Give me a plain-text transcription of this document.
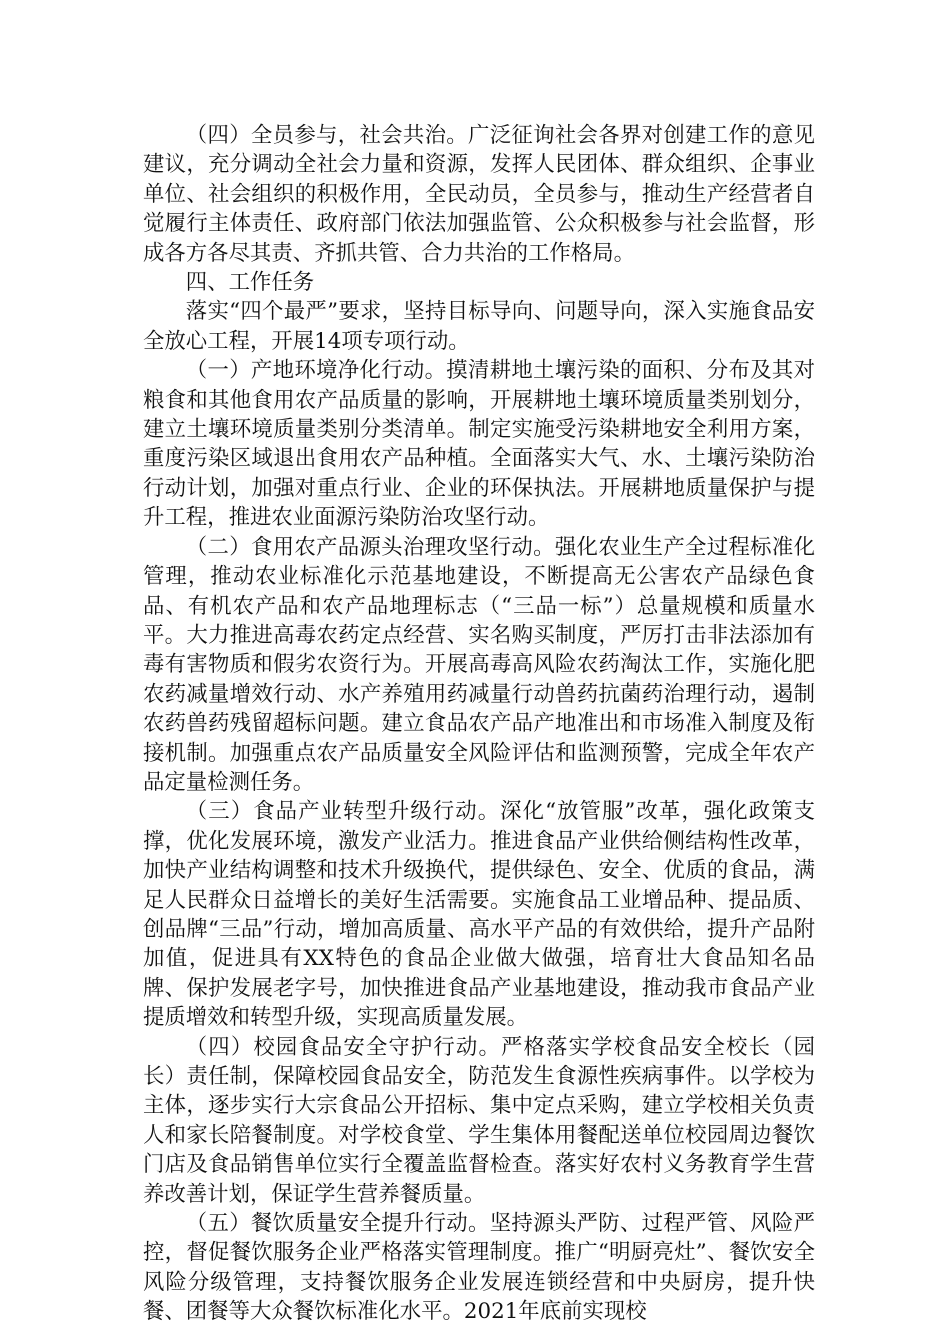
（四）全员参与，社会共治。广泛征询社会各界对创建工作的意见建议，充分调动全社会力量和资源，发挥人民团体、群众组织、企事业单位、社会组织的积极作用，全民动员，全员参与，推动生产经营者自觉履行主体责任、政府部门依法加强监管、公众积极参与社会监督，形成各方各尽其责、齐抓共管、合力共治的工作格局。

四、工作任务

落实“四个最严”要求，坚持目标导向、问题导向，深入实施食品安全放心工程，开展14项专项行动。

（一）产地环境净化行动。摸清耕地土壤污染的面积、分布及其对粮食和其他食用农产品质量的影响，开展耕地土壤环境质量类别划分，建立土壤环境质量类别分类清单。制定实施受污染耕地安全利用方案，重度污染区域退出食用农产品种植。全面落实大气、水、土壤污染防治行动计划，加强对重点行业、企业的环保执法。开展耕地质量保护与提升工程，推进农业面源污染防治攻坚行动。

（二）食用农产品源头治理攻坚行动。强化农业生产全过程标准化管理，推动农业标准化示范基地建设，不断提高无公害农产品绿色食品、有机农产品和农产品地理标志（“三品一标”）总量规模和质量水平。大力推进高毒农药定点经营、实名购买制度，严厉打击非法添加有毒有害物质和假劣农资行为。开展高毒高风险农药淘汰工作，实施化肥农药减量增效行动、水产养殖用药减量行动兽药抗菌药治理行动，遏制农药兽药残留超标问题。建立食品农产品产地准出和市场准入制度及衔接机制。加强重点农产品质量安全风险评估和监测预警，完成全年农产品定量检测任务。

（三）食品产业转型升级行动。深化“放管服”改革，强化政策支撑，优化发展环境，激发产业活力。推进食品产业供给侧结构性改革，加快产业结构调整和技术升级换代，提供绿色、安全、优质的食品，满足人民群众日益增长的美好生活需要。实施食品工业增品种、提品质、创品牌“三品”行动，增加高质量、高水平产品的有效供给，提升产品附加值，促进具有XX特色的食品企业做大做强，培育壮大食品知名品牌、保护发展老字号，加快推进食品产业基地建设，推动我市食品产业提质增效和转型升级，实现高质量发展。

（四）校园食品安全守护行动。严格落实学校食品安全校长（园长）责任制，保障校园食品安全，防范发生食源性疾病事件。以学校为主体，逐步实行大宗食品公开招标、集中定点采购，建立学校相关负责人和家长陪餐制度。对学校食堂、学生集体用餐配送单位校园周边餐饮门店及食品销售单位实行全覆盖监督检查。落实好农村义务教育学生营养改善计划，保证学生营养餐质量。

（五）餐饮质量安全提升行动。坚持源头严防、过程严管、风险严控，督促餐饮服务企业严格落实管理制度。推广“明厨亮灶”、餐饮安全风险分级管理，支持餐饮服务企业发展连锁经营和中央厨房，提升快餐、团餐等大众餐饮标准化水平。2021年底前实现校
